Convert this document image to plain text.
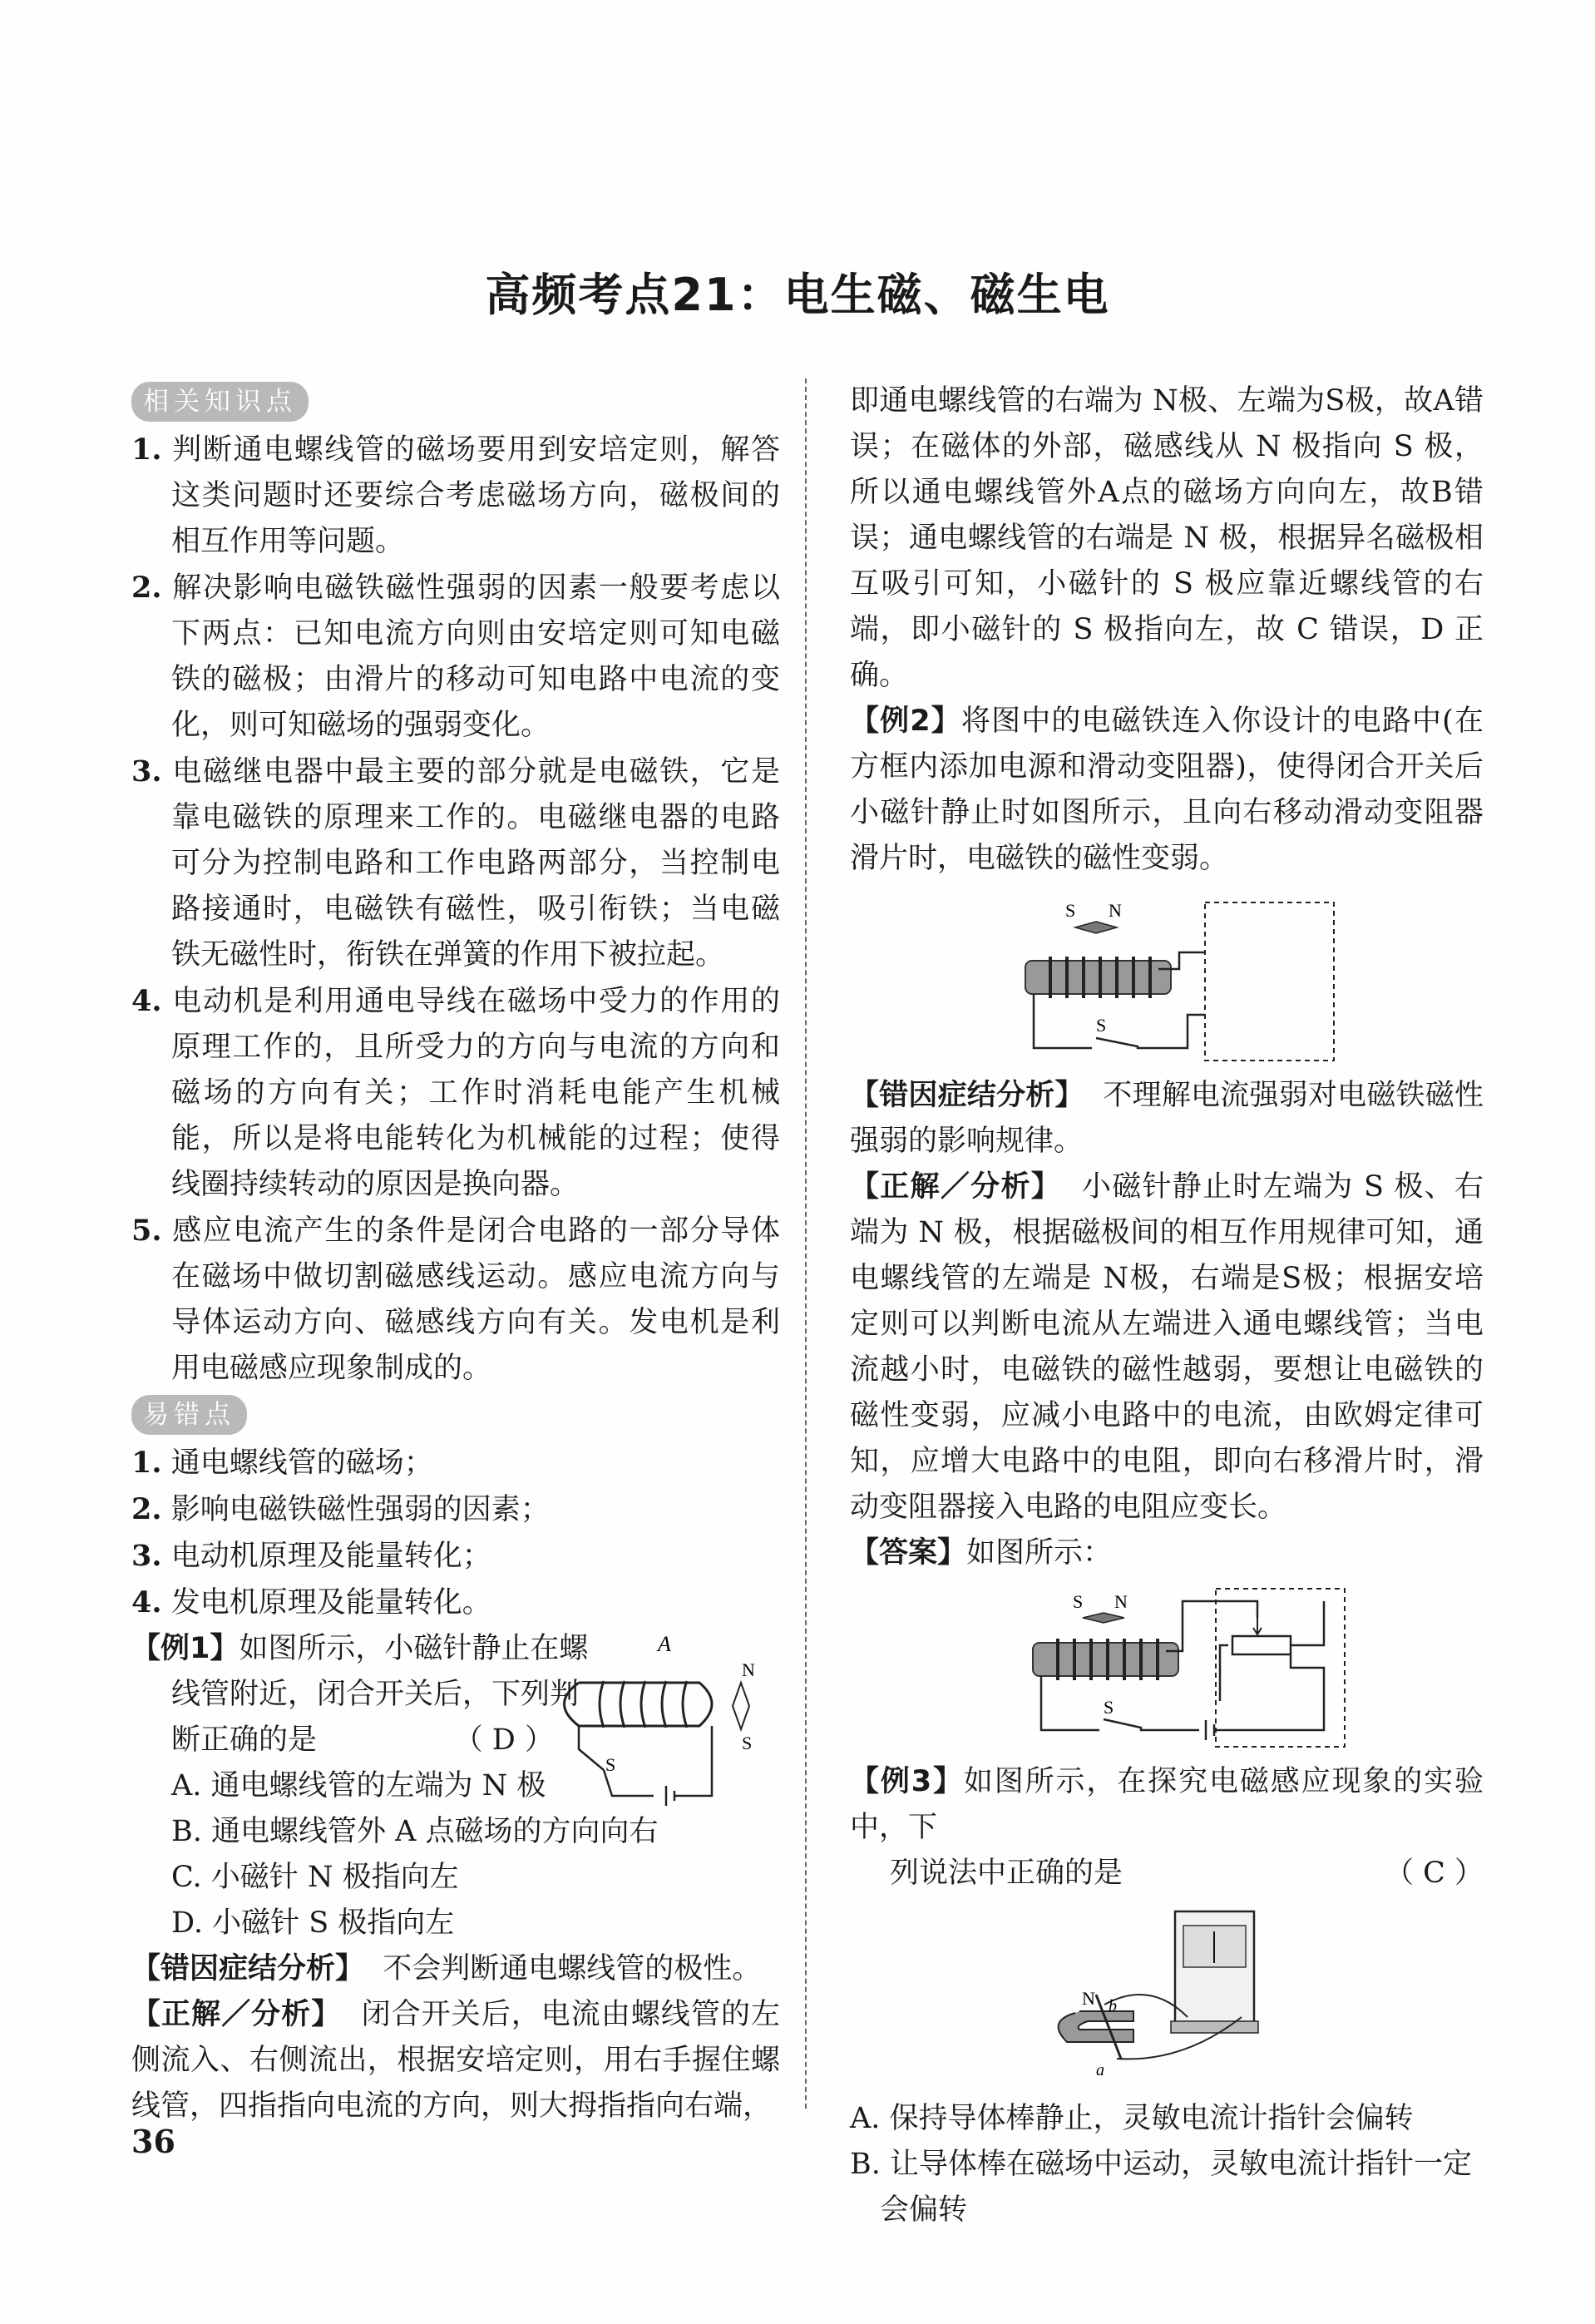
高频考点21：电生磁、磁生电
相关知识点

1. 判断通电螺线管的磁场要用到安培定则，解答这类问题时还要综合考虑磁场方向，磁极间的相互作用等问题。

2. 解决影响电磁铁磁性强弱的因素一般要考虑以下两点：已知电流方向则由安培定则可知电磁铁的磁极；由滑片的移动可知电路中电流的变化，则可知磁场的强弱变化。

3. 电磁继电器中最主要的部分就是电磁铁，它是靠电磁铁的原理来工作的。电磁继电器的电路可分为控制电路和工作电路两部分，当控制电路接通时，电磁铁有磁性，吸引衔铁；当电磁铁无磁性时，衔铁在弹簧的作用下被拉起。

4. 电动机是利用通电导线在磁场中受力的作用的原理工作的，且所受力的方向与电流的方向和磁场的方向有关；工作时消耗电能产生机械能，所以是将电能转化为机械能的过程；使得线圈持续转动的原因是换向器。

5. 感应电流产生的条件是闭合电路的一部分导体在磁场中做切割磁感线运动。感应电流方向与导体运动方向、磁感线方向有关。发电机是利用电磁感应现象制成的。

易错点

1. 通电螺线管的磁场；

2. 影响电磁铁磁性强弱的因素；

3. 电动机原理及能量转化；

4. 发电机原理及能量转化。

A
N
S
S

【例1】如图所示，小磁针静止在螺

线管附近，闭合开关后，下列判

断正确的是	（ D ）

A. 通电螺线管的左端为 N 极

B. 通电螺线管外 A 点磁场的方向向右

C. 小磁针 N 极指向左

D. 小磁针 S 极指向左

【错因症结分析】 不会判断通电螺线管的极性。

【正解／分析】 闭合开关后，电流由螺线管的左侧流入、右侧流出，根据安培定则，用右手握住螺线管，四指指向电流的方向，则大拇指指向右端，

即通电螺线管的右端为 N极、左端为S极，故A错误；在磁体的外部，磁感线从 N 极指向 S 极，所以通电螺线管外A点的磁场方向向左，故B错误；通电螺线管的右端是 N 极，根据异名磁极相互吸引可知，小磁针的 S 极应靠近螺线管的右端，即小磁针的 S 极指向左，故 C 错误，D 正确。

【例2】将图中的电磁铁连入你设计的电路中(在方框内添加电源和滑动变阻器)，使得闭合开关后小磁针静止时如图所示，且向右移动滑动变阻器滑片时，电磁铁的磁性变弱。

S N
S

【错因症结分析】 不理解电流强弱对电磁铁磁性强弱的影响规律。

【正解／分析】 小磁针静止时左端为 S 极、右端为 N 极，根据磁极间的相互作用规律可知，通电螺线管的左端是 N极，右端是S极；根据安培定则可以判断电流从左端进入通电螺线管；当电流越小时，电磁铁的磁性越弱，要想让电磁铁的磁性变弱，应减小电路中的电流，由欧姆定律可知，应增大电路中的电阻，即向右移滑片时，滑动变阻器接入电路的电阻应变长。

【答案】如图所示：

S N
S

【例3】如图所示，在探究电磁感应现象的实验中，下

列说法中正确的是	（ C ）

N b
a

A. 保持导体棒静止，灵敏电流计指针会偏转

B. 让导体棒在磁场中运动，灵敏电流计指针一定

会偏转

36
